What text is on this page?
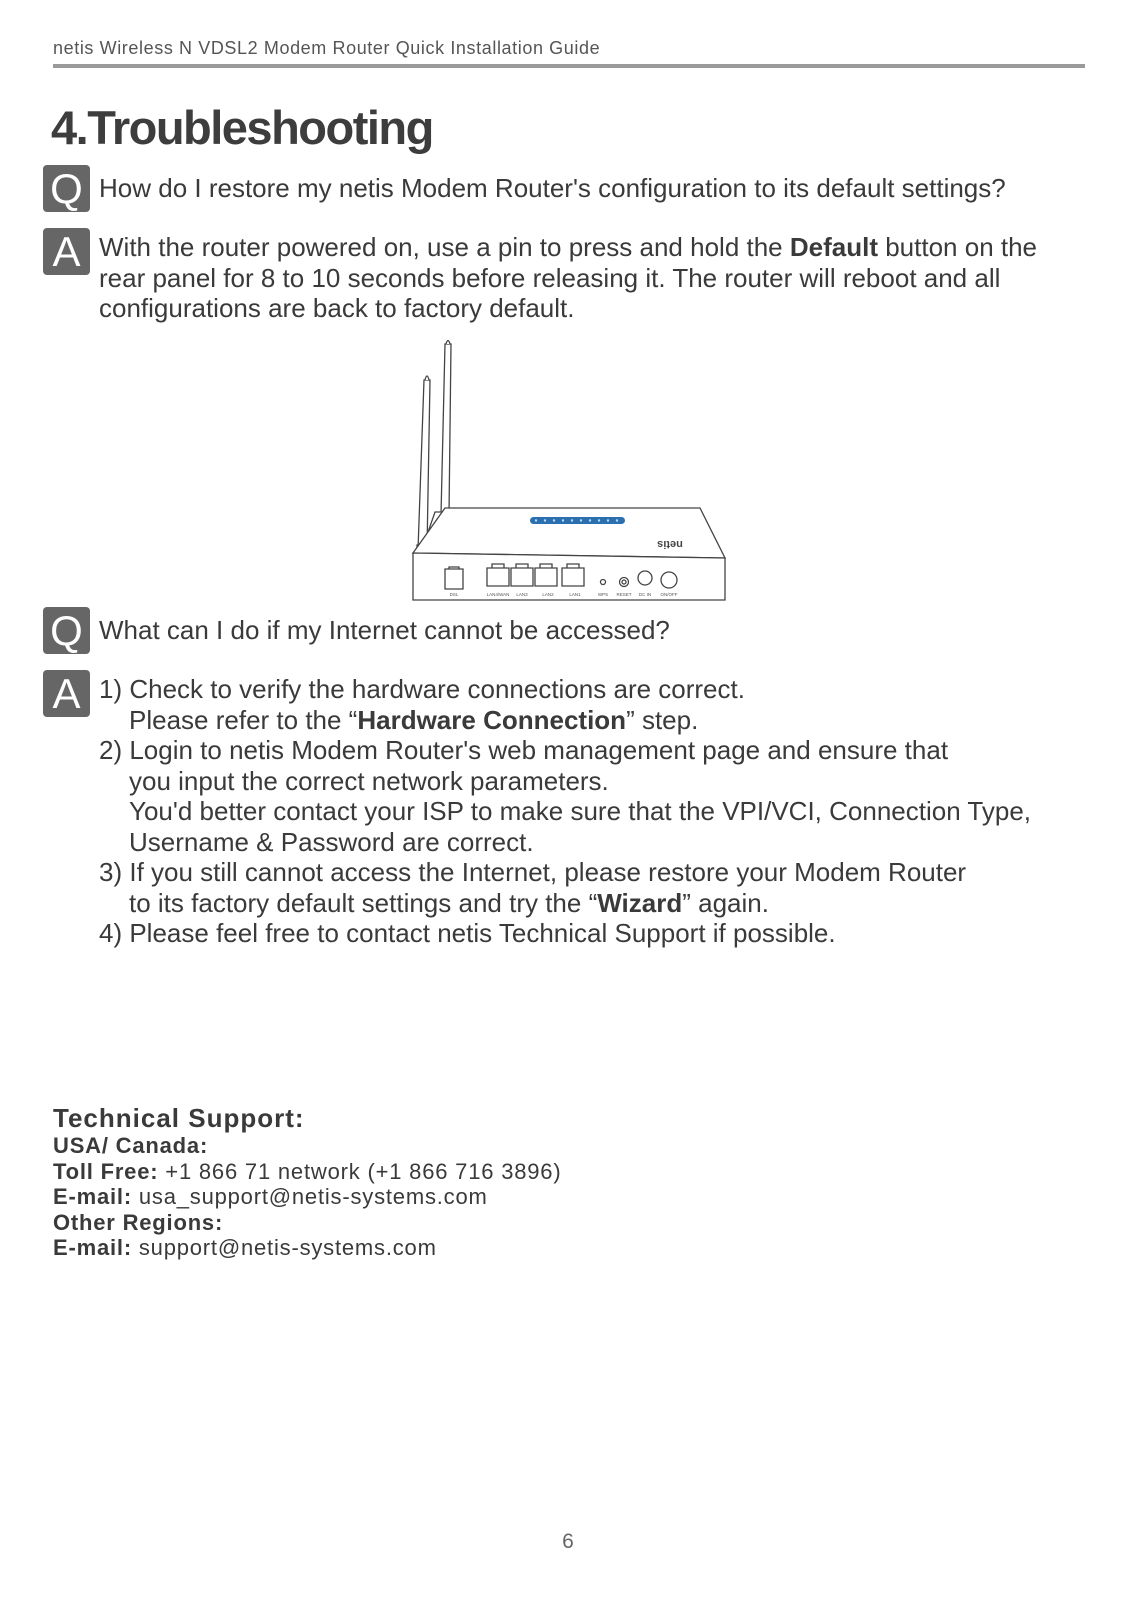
netis Wireless N VDSL2 Modem Router Quick Installation Guide
4.Troubleshooting
Q How do I restore my netis Modem Router's configuration to its default settings?

A With the router powered on, use a pin to press and hold the Default button on the rear panel for 8 to 10 seconds before releasing it. The router will reboot and all configurations are back to factory default.

netis
DSL	LAN4/WAN LAN3	LAN2	LAN1	WPS RESET DC IN ON/OFF
Q What can I do if my Internet cannot be accessed?

A 1) Check to verify the hardware connections are correct.
Please refer to the “Hardware Connection” step.
2) Login to netis Modem Router's web management page and ensure that
you input the correct network parameters.
You'd better contact your ISP to make sure that the VPI/VCI, Connection Type,
Username & Password are correct.
3) If you still cannot access the Internet, please restore your Modem Router
to its factory default settings and try the “Wizard” again.
4) Please feel free to contact netis Technical Support if possible.
Technical Support:
USA/ Canada:
Toll Free: +1 866 71 network (+1 866 716 3896)
E-mail: usa_support@netis-systems.com
Other Regions:
E-mail: support@netis-systems.com
6
